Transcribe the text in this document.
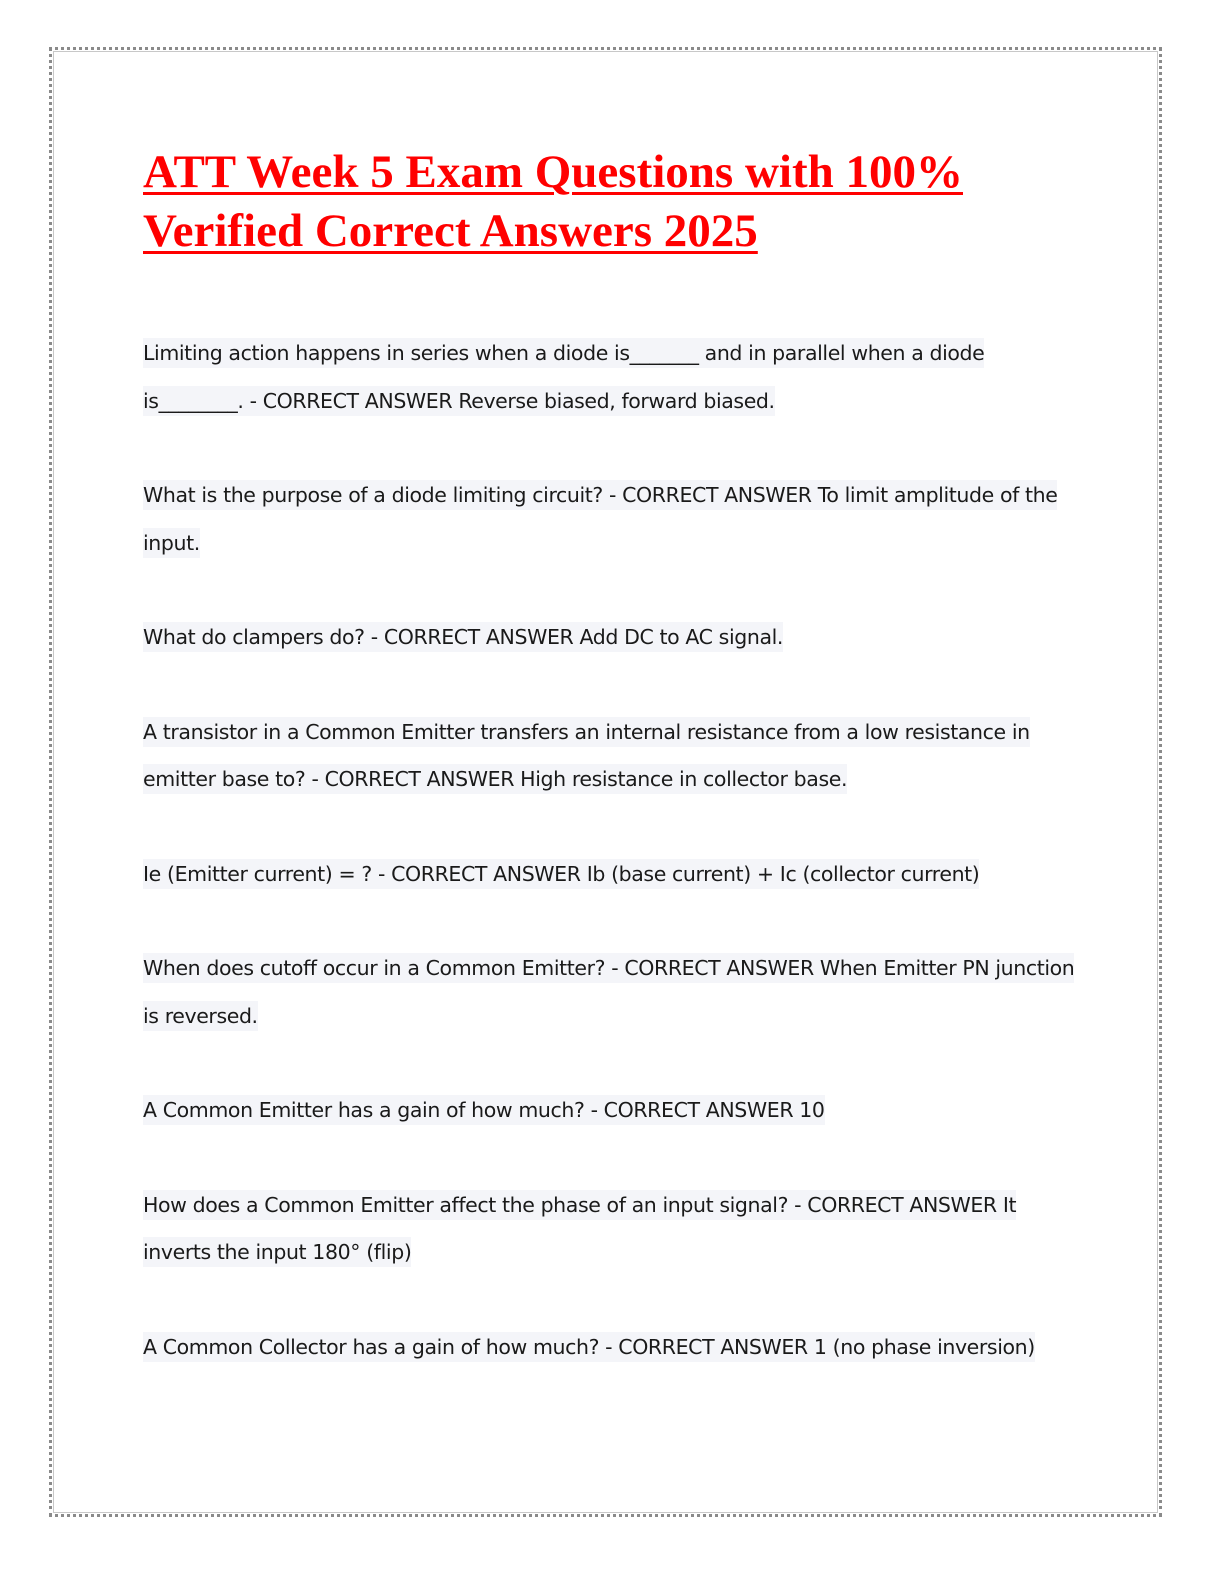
ATT Week 5 Exam Questions with 100% Verified Correct Answers 2025

Limiting action happens in series when a diode is_______ and in parallel when a diode is________. - CORRECT ANSWER Reverse biased, forward biased.

What is the purpose of a diode limiting circuit? - CORRECT ANSWER To limit amplitude of the input.

What do clampers do? - CORRECT ANSWER Add DC to AC signal.

A transistor in a Common Emitter transfers an internal resistance from a low resistance in emitter base to? - CORRECT ANSWER High resistance in collector base.

Ie (Emitter current) = ? - CORRECT ANSWER Ib (base current) + Ic (collector current)

When does cutoff occur in a Common Emitter? - CORRECT ANSWER When Emitter PN junction is reversed.

A Common Emitter has a gain of how much? - CORRECT ANSWER 10

How does a Common Emitter affect the phase of an input signal? - CORRECT ANSWER It inverts the input 180° (flip)

A Common Collector has a gain of how much? - CORRECT ANSWER 1 (no phase inversion)
